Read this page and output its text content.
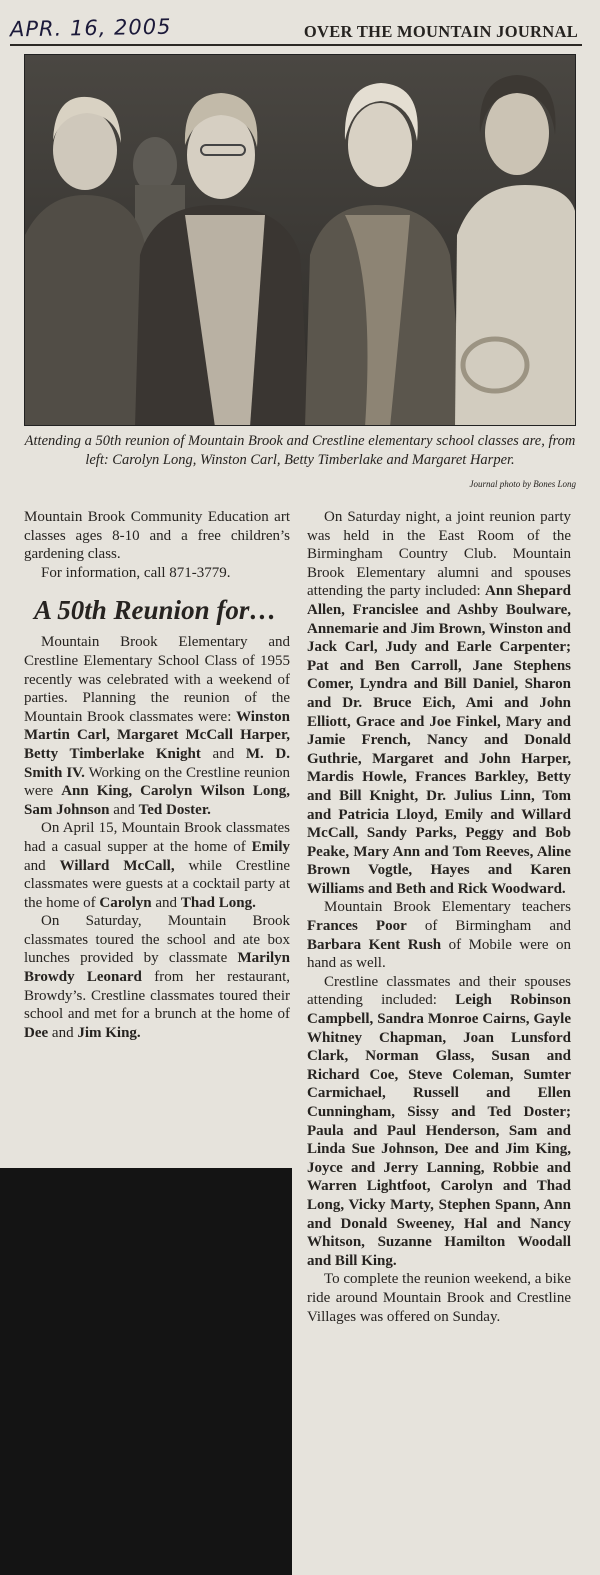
APR. 16, 2005	OVER THE MOUNTAIN JOURNAL
Attending a 50th reunion of Mountain Brook and Crestline elementary school classes are, from left: Carolyn Long, Winston Carl, Betty Timberlake and Margaret Harper.
Journal photo by Bones Long

Mountain Brook Community Education art classes ages 8-10 and a free children’s gardening class.

For information, call 871-3779.

A 50th Reunion for…

Mountain Brook Elementary and Crestline Elementary School Class of 1955 recently was celebrated with a weekend of parties. Planning the reunion of the Mountain Brook classmates were: Winston Martin Carl, Margaret McCall Harper, Betty Timberlake Knight and M. D. Smith IV. Working on the Crestline reunion were Ann King, Carolyn Wilson Long, Sam Johnson and Ted Doster.

On April 15, Mountain Brook classmates had a casual supper at the home of Emily and Willard McCall, while Crestline classmates were guests at a cocktail party at the home of Carolyn and Thad Long.

On Saturday, Mountain Brook classmates toured the school and ate box lunches provided by classmate Marilyn Browdy Leonard from her restaurant, Browdy’s. Crestline classmates toured their school and met for a brunch at the home of Dee and Jim King.

On Saturday night, a joint reunion party was held in the East Room of the Birmingham Country Club. Mountain Brook Elementary alumni and spouses attending the party included: Ann Shepard Allen, Francislee and Ashby Boulware, Annemarie and Jim Brown, Winston and Jack Carl, Judy and Earle Carpenter; Pat and Ben Carroll, Jane Stephens Comer, Lyndra and Bill Daniel, Sharon and Dr. Bruce Eich, Ami and John Elliott, Grace and Joe Finkel, Mary and Jamie French, Nancy and Donald Guthrie, Margaret and John Harper, Mardis Howle, Frances Barkley, Betty and Bill Knight, Dr. Julius Linn, Tom and Patricia Lloyd, Emily and Willard McCall, Sandy Parks, Peggy and Bob Peake, Mary Ann and Tom Reeves, Aline Brown Vogtle, Hayes and Karen Williams and Beth and Rick Woodward.

Mountain Brook Elementary teachers Frances Poor of Birmingham and Barbara Kent Rush of Mobile were on hand as well.

Crestline classmates and their spouses attending included: Leigh Robinson Campbell, Sandra Monroe Cairns, Gayle Whitney Chapman, Joan Lunsford Clark, Norman Glass, Susan and Richard Coe, Steve Coleman, Sumter Carmichael, Russell and Ellen Cunningham, Sissy and Ted Doster; Paula and Paul Henderson, Sam and Linda Sue Johnson, Dee and Jim King, Joyce and Jerry Lanning, Robbie and Warren Lightfoot, Carolyn and Thad Long, Vicky Marty, Stephen Spann, Ann and Donald Sweeney, Hal and Nancy Whitson, Suzanne Hamilton Woodall and Bill King.

To complete the reunion weekend, a bike ride around Mountain Brook and Crestline Villages was offered on Sunday.
